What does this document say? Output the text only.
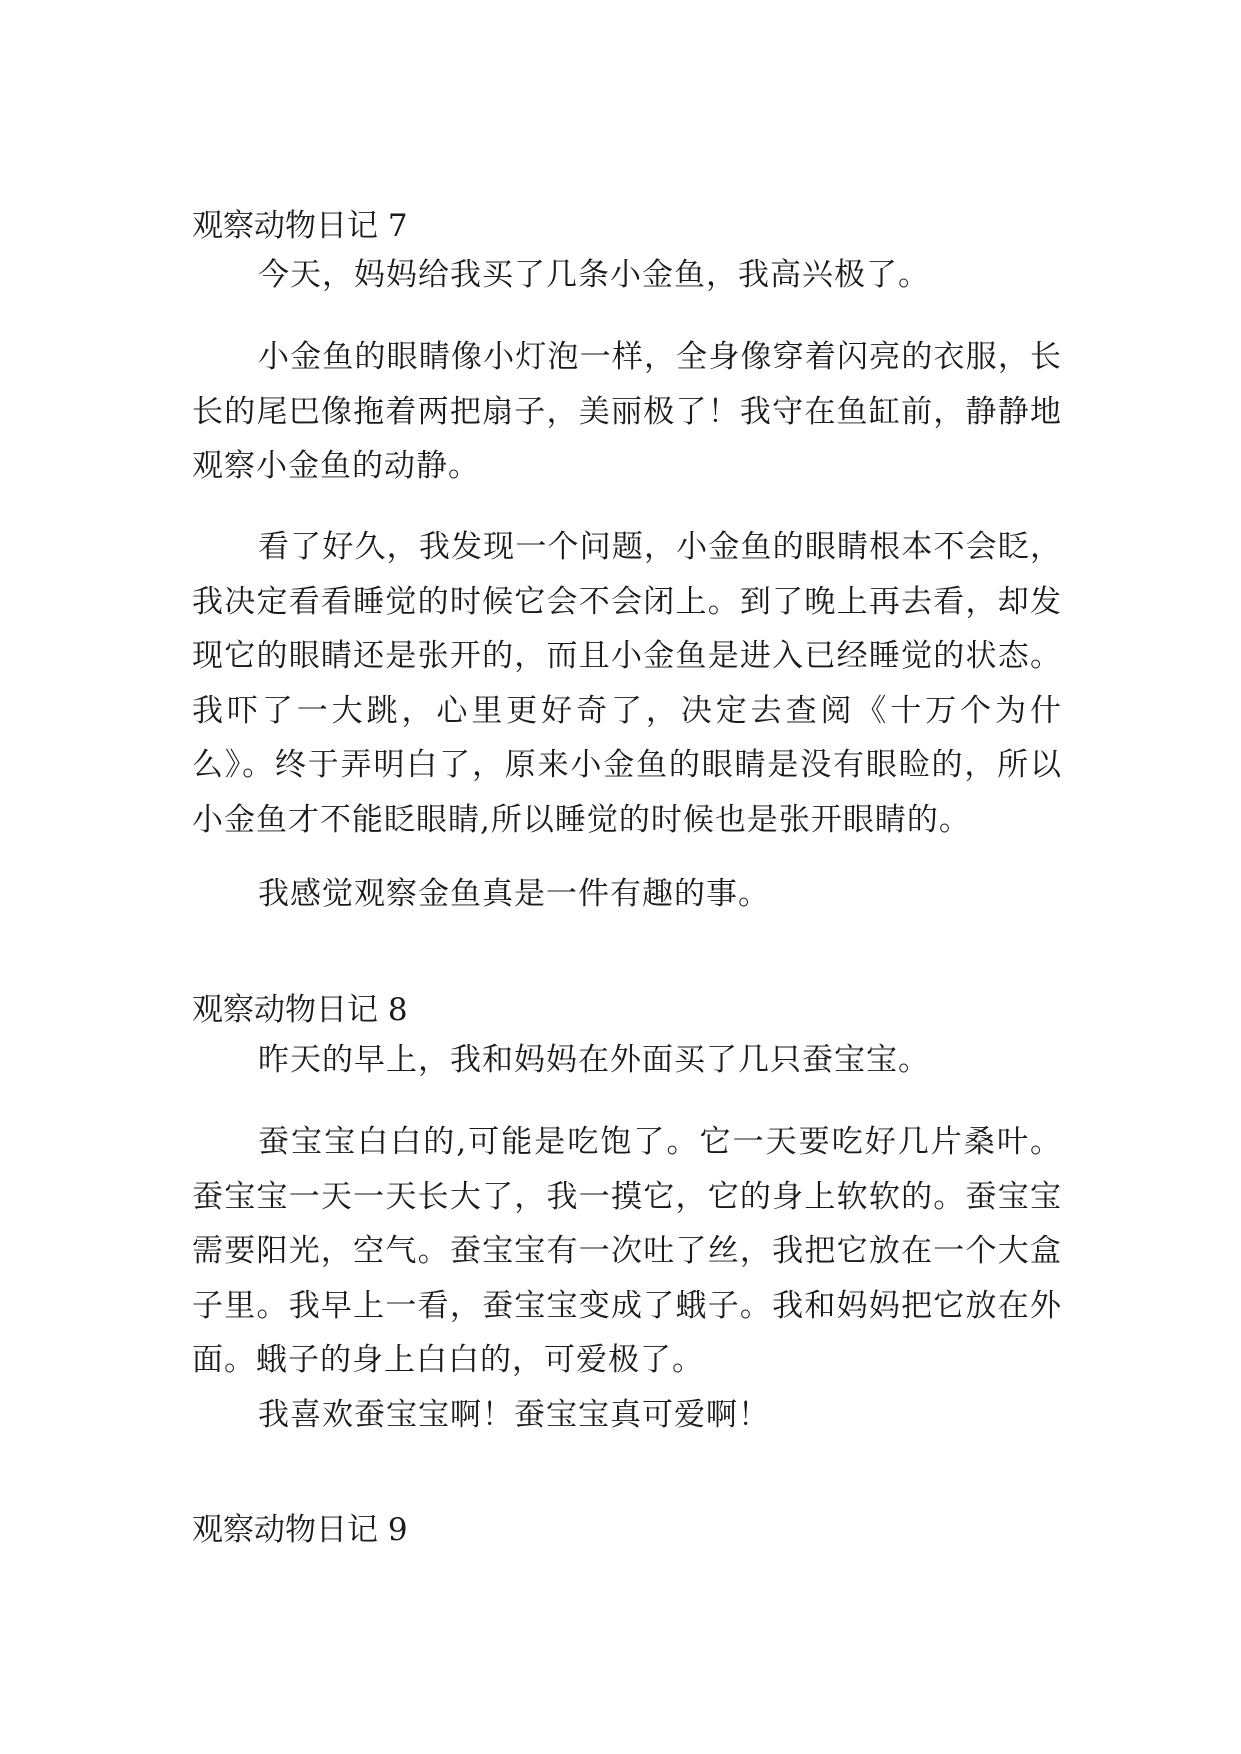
观察动物日记 7

今天，妈妈给我买了几条小金鱼，我高兴极了。

小金鱼的眼睛像小灯泡一样，全身像穿着闪亮的衣服，长长的尾巴像拖着两把扇子，美丽极了！我守在鱼缸前，静静地观察小金鱼的动静。

看了好久，我发现一个问题，小金鱼的眼睛根本不会眨，我决定看看睡觉的时候它会不会闭上。到了晚上再去看，却发现它的眼睛还是张开的，而且小金鱼是进入已经睡觉的状态。我吓了一大跳，心里更好奇了，决定去查阅《十万个为什么》。终于弄明白了，原来小金鱼的眼睛是没有眼睑的，所以小金鱼才不能眨眼睛,所以睡觉的时候也是张开眼睛的。

我感觉观察金鱼真是一件有趣的事。

观察动物日记 8

昨天的早上，我和妈妈在外面买了几只蚕宝宝。

蚕宝宝白白的,可能是吃饱了。它一天要吃好几片桑叶。蚕宝宝一天一天长大了，我一摸它，它的身上软软的。蚕宝宝需要阳光，空气。蚕宝宝有一次吐了丝，我把它放在一个大盒子里。我早上一看，蚕宝宝变成了蛾子。我和妈妈把它放在外面。蛾子的身上白白的，可爱极了。

我喜欢蚕宝宝啊！蚕宝宝真可爱啊！

观察动物日记 9
